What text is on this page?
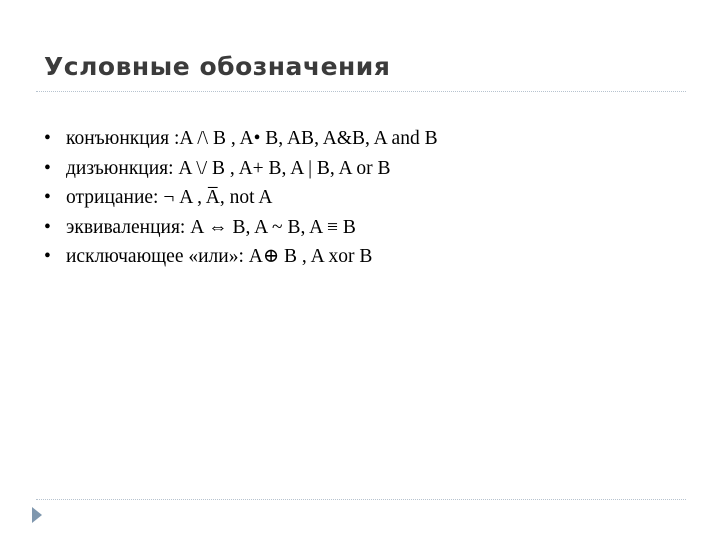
Условные обозначения
• конъюнкция :A /\ B , A• B, AB, A&B, A and B
• дизъюнкция: A \/ B , A+ B, A | B, A or B
• отрицание: ¬ A , A̅, not A
• эквиваленция: A ⇔ B, A ~ B, A ≡ B
• исключающее «или»: A⊕ B , A xor B
